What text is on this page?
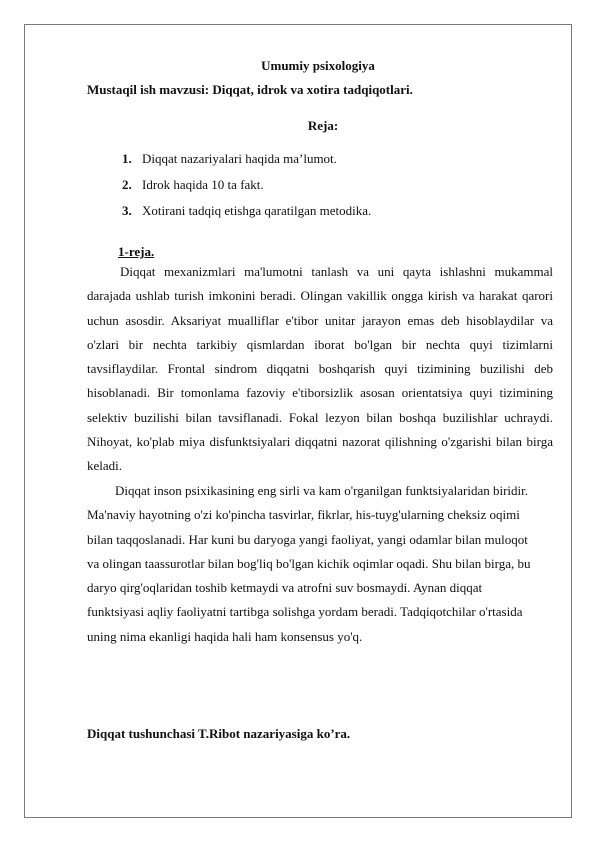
Umumiy psixologiya
Mustaqil ish mavzusi: Diqqat, idrok va xotira tadqiqotlari.
Reja:
1. Diqqat nazariyalari haqida ma’lumot.
2. Idrok haqida 10 ta fakt.
3. Xotirani tadqiq etishga qaratilgan metodika.
1-reja.

Diqqat mexanizmlari ma'lumotni tanlash va uni qayta ishlashni mukammal darajada ushlab turish imkonini beradi. Olingan vakillik ongga kirish va harakat qarori uchun asosdir. Aksariyat mualliflar e'tibor unitar jarayon emas deb hisoblaydilar va o'zlari bir nechta tarkibiy qismlardan iborat bo'lgan bir nechta quyi tizimlarni tavsiflaydilar. Frontal sindrom diqqatni boshqarish quyi tizimining buzilishi deb hisoblanadi. Bir tomonlama fazoviy e'tiborsizlik asosan orientatsiya quyi tizimining selektiv buzilishi bilan tavsiflanadi. Fokal lezyon bilan boshqa buzilishlar uchraydi. Nihoyat, ko'plab miya disfunktsiyalari diqqatni nazorat qilishning o'zgarishi bilan birga keladi.

Diqqat inson psixikasining eng sirli va kam o'rganilgan funktsiyalaridan biridir. Ma'naviy hayotning o'zi ko'pincha tasvirlar, fikrlar, his-tuyg'ularning cheksiz oqimi bilan taqqoslanadi. Har kuni bu daryoga yangi faoliyat, yangi odamlar bilan muloqot va olingan taassurotlar bilan bog'liq bo'lgan kichik oqimlar oqadi. Shu bilan birga, bu daryo qirg'oqlaridan toshib ketmaydi va atrofni suv bosmaydi. Aynan diqqat funktsiyasi aqliy faoliyatni tartibga solishga yordam beradi. Tadqiqotchilar o'rtasida uning nima ekanligi haqida hali ham konsensus yo'q.

Diqqat tushunchasi T.Ribot nazariyasiga ko’ra.
